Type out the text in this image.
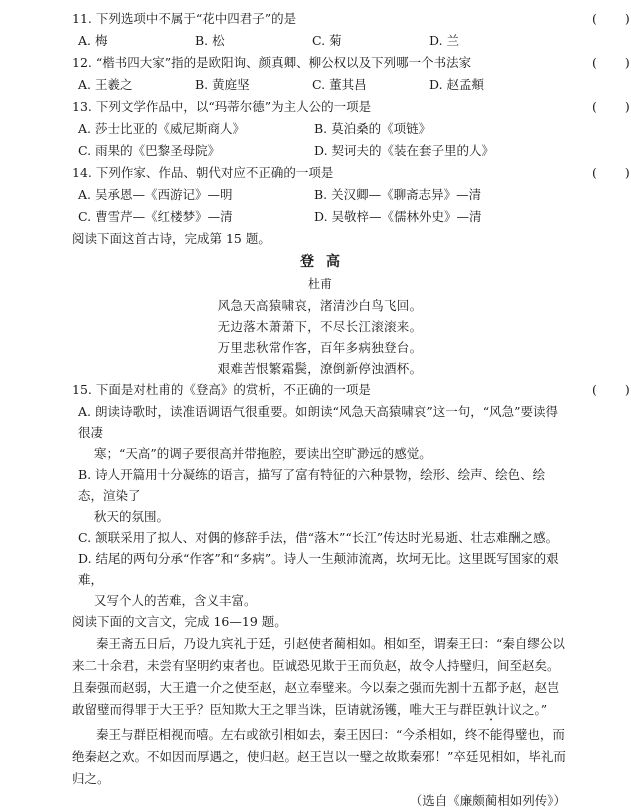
11. 下列选项中不属于“花中四君子”的是	(　　)
A. 梅	B. 松	C. 菊	D. 兰
12. “楷书四大家”指的是欧阳询、颜真卿、柳公权以及下列哪一个书法家	(　　)
A. 王羲之	B. 黄庭坚	C. 董其昌	D. 赵孟頫
13. 下列文学作品中，以“玛蒂尔德”为主人公的一项是	(　　)
A. 莎士比亚的《威尼斯商人》	B. 莫泊桑的《项链》
C. 雨果的《巴黎圣母院》	D. 契诃夫的《装在套子里的人》
14. 下列作家、作品、朝代对应不正确的一项是	(　　)
A. 吴承恩—《西游记》—明	B. 关汉卿—《聊斋志异》—清
C. 曹雪芹—《红楼梦》—清	D. 吴敬梓—《儒林外史》—清
阅读下面这首古诗，完成第 15 题。
登高
杜甫
风急天高猿啸哀，渚清沙白鸟飞回。
无边落木萧萧下，不尽长江滚滚来。
万里悲秋常作客，百年多病独登台。
艰难苦恨繁霜鬓，潦倒新停浊酒杯。
15. 下面是对杜甫的《登高》的赏析，不正确的一项是	(　　)
A. 朗读诗歌时，读准语调语气很重要。如朗读“风急天高猿啸哀”这一句，“风急”要读得很凄
寒；“天高”的调子要很高并带拖腔，要读出空旷渺远的感觉。
B. 诗人开篇用十分凝练的语言，描写了富有特征的六种景物，绘形、绘声、绘色、绘态，渲染了
秋天的氛围。
C. 颔联采用了拟人、对偶的修辞手法，借“落木”“长江”传达时光易逝、壮志难酬之感。
D. 结尾的两句分承“作客”和“多病”。诗人一生颠沛流离，坎坷无比。这里既写国家的艰难，
又写个人的苦难，含义丰富。
阅读下面的文言文，完成 16—19 题。
秦王斋五日后，乃设九宾礼于廷，引赵使者蔺相如。相如至，谓秦王曰：“秦自缪公以来二十余君，未尝有坚明约束者也。臣诚恐见欺于王而负赵，故令人持璧归，间至赵矣。且秦强而赵弱，大王遣一介之使至赵，赵立奉璧来。今以秦之强而先割十五都予赵，赵岂敢留璧而得罪于大王乎？臣知欺大王之罪当诛，臣请就汤镬，唯大王与群臣孰计议之。”
秦王与群臣相视而嘻。左右或欲引相如去，秦王因曰：“今杀相如，终不能得璧也，而绝秦赵之欢。不如因而厚遇之，使归赵。赵王岂以一璧之故欺秦邪！”卒廷见相如，毕礼而归之。
（选自《廉颇蔺相如列传》）
